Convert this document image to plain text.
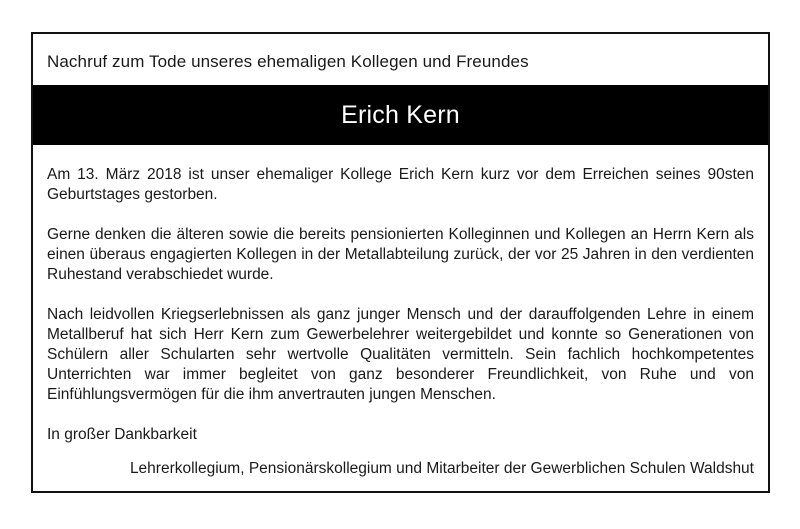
Nachruf zum Tode unseres ehemaligen Kollegen und Freundes
Erich Kern

Am 13. März 2018 ist unser ehemaliger Kollege Erich Kern kurz vor dem Erreichen seines 90sten Geburtstages gestorben.

Gerne denken die älteren sowie die bereits pensionierten Kolleginnen und Kollegen an Herrn Kern als einen überaus engagierten Kollegen in der Metallabteilung zurück, der vor 25 Jahren in den verdienten Ruhestand verabschiedet wurde.

Nach leidvollen Kriegserlebnissen als ganz junger Mensch und der darauffolgenden Lehre in einem Metallberuf hat sich Herr Kern zum Gewerbelehrer weitergebildet und konnte so Generationen von Schülern aller Schularten sehr wertvolle Qualitäten vermitteln. Sein fachlich hochkompetentes Unterrichten war immer begleitet von ganz besonderer Freundlichkeit, von Ruhe und von Einfühlungsvermögen für die ihm anvertrauten jungen Menschen.

In großer Dankbarkeit
Lehrerkollegium, Pensionärskollegium und Mitarbeiter der Gewerblichen Schulen Waldshut
